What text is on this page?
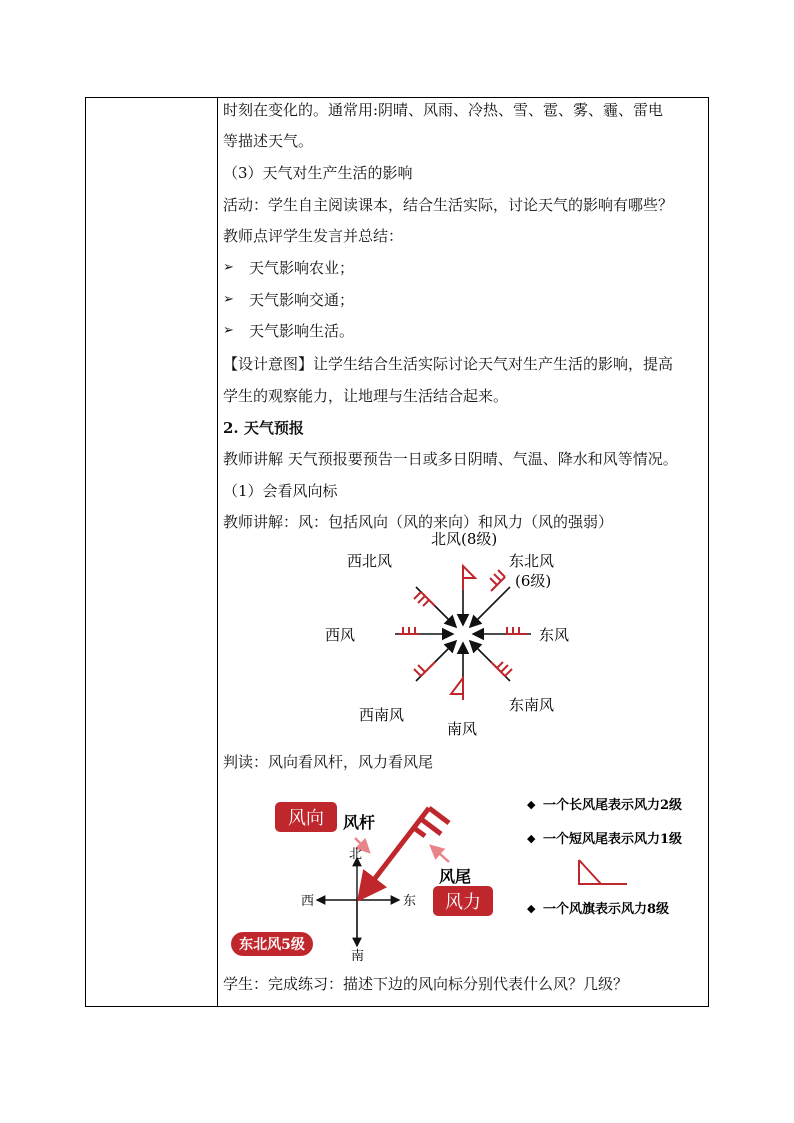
时刻在变化的。通常用:阴晴、风雨、冷热、雪、雹、雾、霾、雷电
等描述天气。
（3）天气对生产生活的影响
活动：学生自主阅读课本，结合生活实际，讨论天气的影响有哪些？
教师点评学生发言并总结：
➢ 天气影响农业；
➢ 天气影响交通；
➢ 天气影响生活。
【设计意图】让学生结合生活实际讨论天气对生产生活的影响，提高
学生的观察能力，让地理与生活结合起来。
2. 天气预报
教师讲解 天气预报要预告一日或多日阴晴、气温、降水和风等情况。
（1）会看风向标
教师讲解：风：包括风向（风的来向）和风力（风的强弱）
北风(8级)
东北风
(6级)
东风
东南风
南风
西南风
西风
西北风
判读：风向看风杆，风力看风尾
风向 风杆
北
南
东
西
风尾
风力
东北风5级
◆ 一个长风尾表示风力2级
◆ 一个短风尾表示风力1级
◆ 一个风旗表示风力8级
学生：完成练习：描述下边的风向标分别代表什么风？几级？
